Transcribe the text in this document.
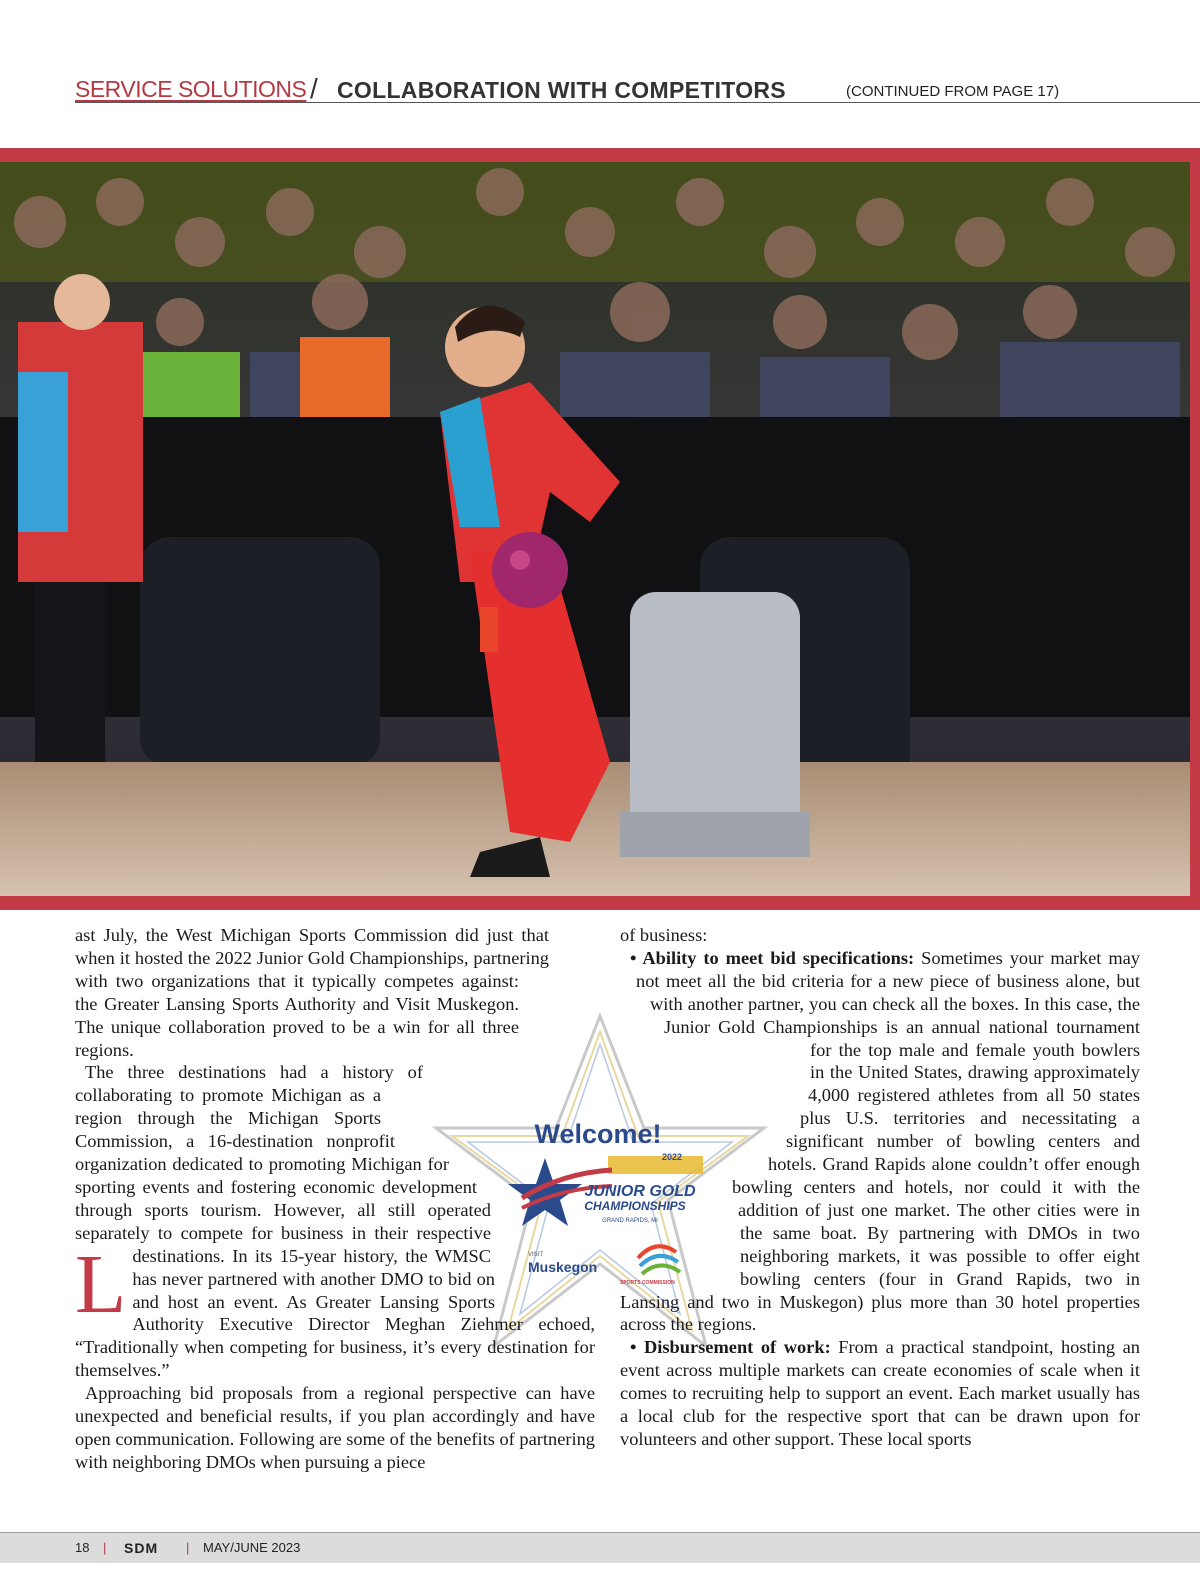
SERVICE SOLUTIONS / COLLABORATION WITH COMPETITORS	(CONTINUED FROM PAGE 17)
Welcome!
2022
JUNIOR GOLD
CHAMPIONSHIPS
GRAND RAPIDS, MI
VISIT
Muskegon
SPORTS COMMISSION
L

ast July, the West Michigan Sports Commission did just that when it hosted the 2022 Junior Gold Championships, partnering with two organizations that it typically competes against: the Greater Lansing Sports Authority and Visit Muskegon. The unique collaboration proved to be a win for all three regions.

The three destinations had a history of collaborating to promote Michigan as a region through the Michigan Sports Commission, a 16-destination nonprofit organization dedicated to promoting Michigan for sporting events and fostering economic development through sports tourism. However, all still operated separately to compete for business in their respective destinations. In its 15-year history, the WMSC has never partnered with another DMO to bid on and host an event. As Greater Lansing Sports Authority Executive Director Meghan Ziehmer echoed, “Traditionally when competing for business, it’s every destination for themselves.”

Approaching bid proposals from a regional perspective can have unexpected and beneficial results, if you plan accordingly and have open communication. Following are some of the benefits of partnering with neighboring DMOs when pursuing a piece

of business:

• Ability to meet bid specifications: Sometimes your market may not meet all the bid criteria for a new piece of business alone, but with another partner, you can check all the boxes. In this case, the Junior Gold Championships is an annual national tournament for the top male and female youth bowlers in the United States, drawing approximately 4,000 registered athletes from all 50 states plus U.S. territories and necessitating a significant number of bowling centers and hotels. Grand Rapids alone couldn’t offer enough bowling centers and hotels, nor could it with the addition of just one market. The other cities were in the same boat. By partnering with DMOs in two neighboring markets, it was possible to offer eight bowling centers (four in Grand Rapids, two in Lansing and two in Muskegon) plus more than 30 hotel properties across the regions.

• Disbursement of work: From a practical standpoint, hosting an event across multiple markets can create economies of scale when it comes to recruiting help to support an event. Each market usually has a local club for the respective sport that can be drawn upon for volunteers and other support. These local sports

18 | SDM | MAY/JUNE 2023
